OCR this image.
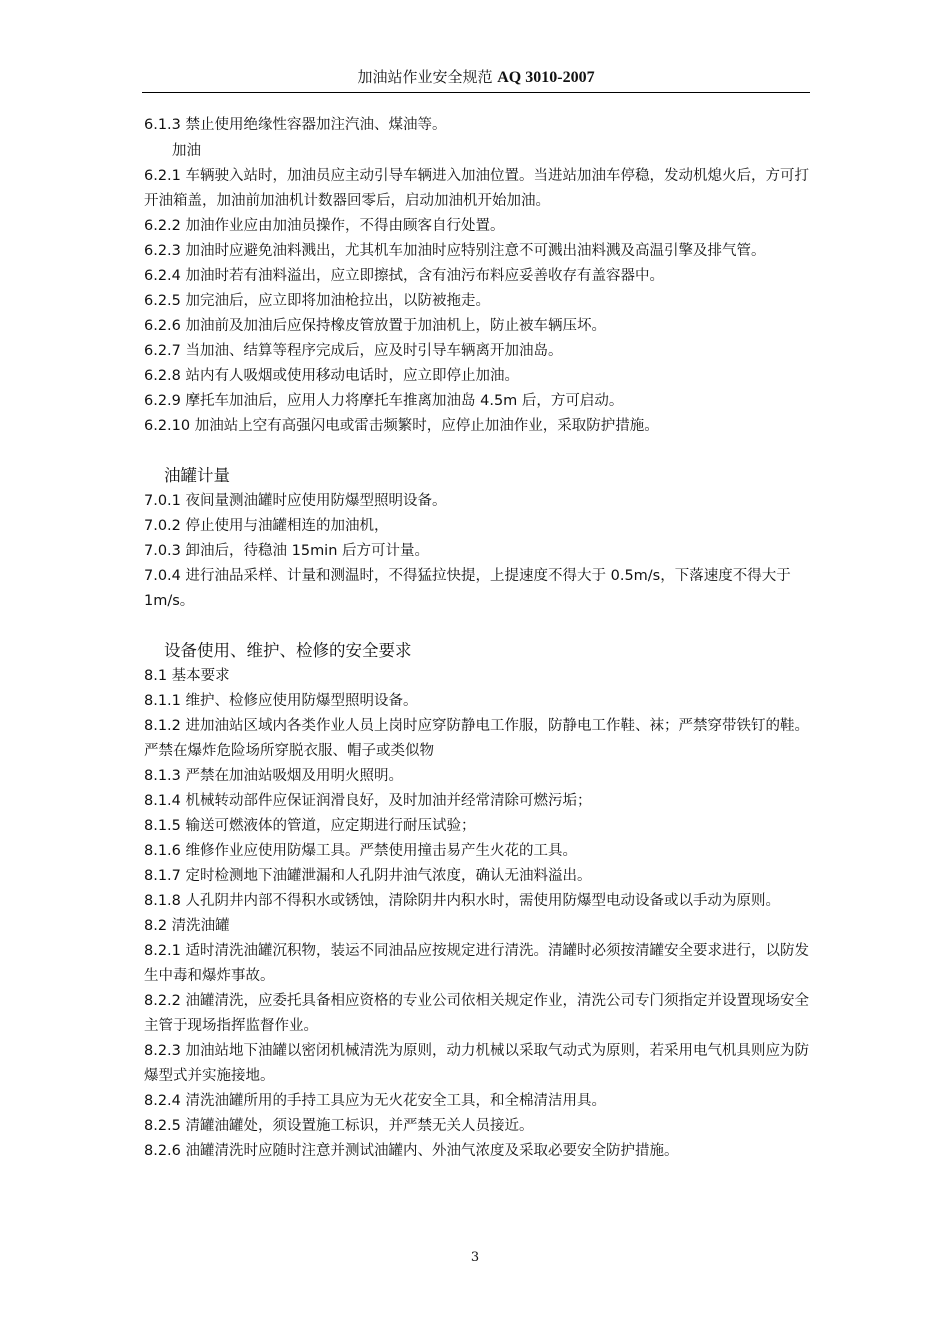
加油站作业安全规范 AQ 3010-2007

6.1.3 禁止使用绝缘性容器加注汽油、煤油等。

加油

6.2.1 车辆驶入站时，加油员应主动引导车辆进入加油位置。当进站加油车停稳，发动机熄火后，方可打开油箱盖，加油前加油机计数器回零后，启动加油机开始加油。

6.2.2 加油作业应由加油员操作，不得由顾客自行处置。

6.2.3 加油时应避免油料溅出，尤其机车加油时应特别注意不可溅出油料溅及高温引擎及排气管。

6.2.4 加油时若有油料溢出，应立即擦拭，含有油污布料应妥善收存有盖容器中。

6.2.5 加完油后，应立即将加油枪拉出，以防被拖走。

6.2.6 加油前及加油后应保持橡皮管放置于加油机上，防止被车辆压坏。

6.2.7 当加油、结算等程序完成后，应及时引导车辆离开加油岛。

6.2.8 站内有人吸烟或使用移动电话时，应立即停止加油。

6.2.9 摩托车加油后，应用人力将摩托车推离加油岛 4.5m 后，方可启动。

6.2.10 加油站上空有高强闪电或雷击频繁时，应停止加油作业，采取防护措施。

油罐计量

7.0.1 夜间量测油罐时应使用防爆型照明设备。

7.0.2 停止使用与油罐相连的加油机，

7.0.3 卸油后，待稳油 15min 后方可计量。

7.0.4 进行油品采样、计量和测温时，不得猛拉快提，上提速度不得大于 0.5m/s，下落速度不得大于 1m/s。

设备使用、维护、检修的安全要求

8.1 基本要求

8.1.1 维护、检修应使用防爆型照明设备。

8.1.2 进加油站区域内各类作业人员上岗时应穿防静电工作服，防静电工作鞋、袜；严禁穿带铁钉的鞋。严禁在爆炸危险场所穿脱衣服、帽子或类似物

8.1.3 严禁在加油站吸烟及用明火照明。

8.1.4 机械转动部件应保证润滑良好，及时加油并经常清除可燃污垢；

8.1.5 输送可燃液体的管道，应定期进行耐压试验；

8.1.6 维修作业应使用防爆工具。严禁使用撞击易产生火花的工具。

8.1.7 定时检测地下油罐泄漏和人孔阴井油气浓度，确认无油料溢出。

8.1.8 人孔阴井内部不得积水或锈蚀，清除阴井内积水时，需使用防爆型电动设备或以手动为原则。

8.2 清洗油罐

8.2.1 适时清洗油罐沉积物，装运不同油品应按规定进行清洗。清罐时必须按清罐安全要求进行，以防发生中毒和爆炸事故。

8.2.2 油罐清洗，应委托具备相应资格的专业公司依相关规定作业，清洗公司专门须指定并设置现场安全主管于现场指挥监督作业。

8.2.3 加油站地下油罐以密闭机械清洗为原则，动力机械以采取气动式为原则，若采用电气机具则应为防爆型式并实施接地。

8.2.4 清洗油罐所用的手持工具应为无火花安全工具，和全棉清洁用具。

8.2.5 清罐油罐处，须设置施工标识，并严禁无关人员接近。

8.2.6 油罐清洗时应随时注意并测试油罐内、外油气浓度及采取必要安全防护措施。

3
